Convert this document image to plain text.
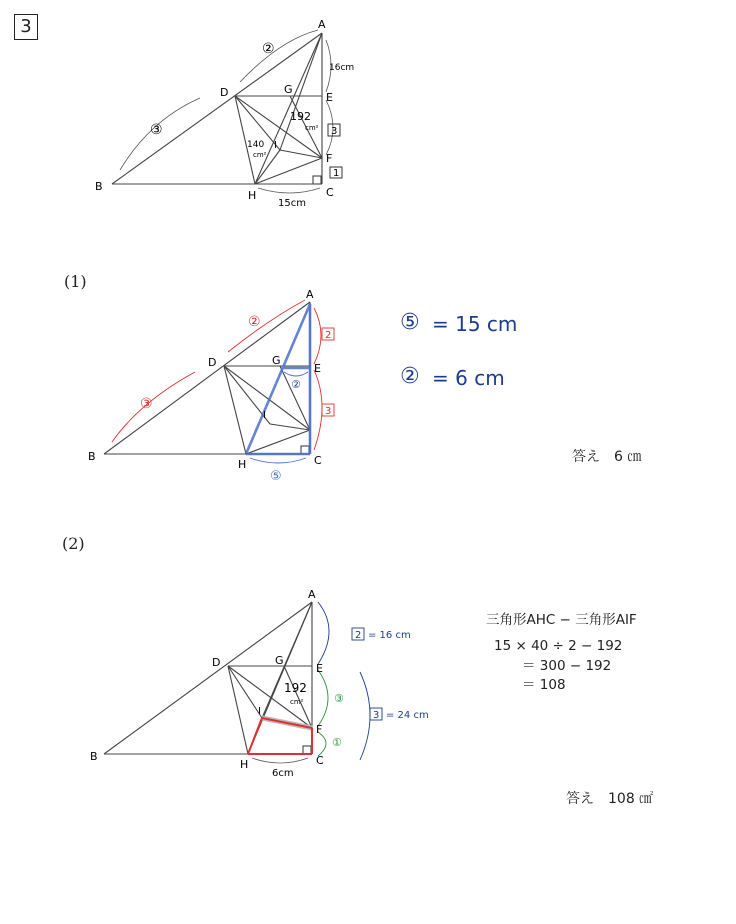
3	A
B	C
D	E
F
G
H
I
②
③
16cm
192
cm²
140
cm²
3
1
15cm
(1)
A
B	C
D	E
G
H
I
②
③
2
3
②
⑤
⑤ = 15 cm
② = 6 cm
答え　6 ㎝
(2)
A
B	C
D	E
F
G
H
I
192
cm²
6cm
2 = 16 cm
③
①
3 = 24 cm
三角形AHC − 三角形AIF
15 × 40 ÷ 2 − 192
＝ 300 − 192
＝ 108
答え　108 ㎠
